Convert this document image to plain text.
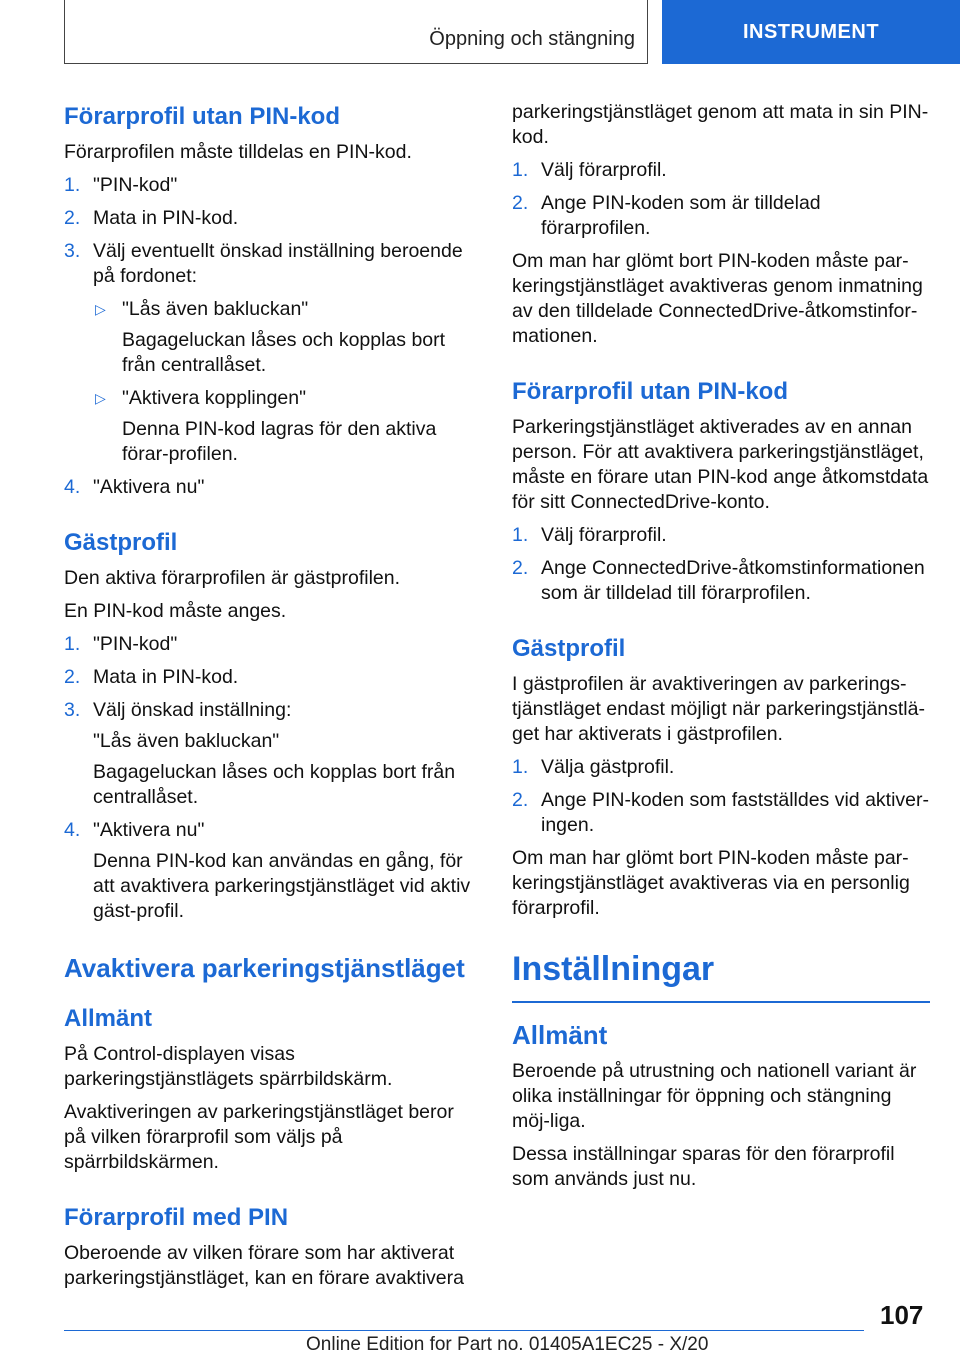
Öppning och stängning	INSTRUMENT
Förarprofil utan PIN-kod

Förarprofilen måste tilldelas en PIN-kod.

1. "PIN-kod"
2. Mata in PIN-kod.
3. Välj eventuellt önskad inställning beroende på fordonet:
▷ "Lås även bakluckan"
Bagageluckan låses och kopplas bort från centrallåset.
▷ "Aktivera kopplingen"
Denna PIN-kod lagras för den aktiva förar-profilen.
4. "Aktivera nu"
Gästprofil

Den aktiva förarprofilen är gästprofilen.

En PIN-kod måste anges.

1. "PIN-kod"
2. Mata in PIN-kod.
3. Välj önskad inställning:
"Lås även bakluckan"
Bagageluckan låses och kopplas bort från centrallåset.
4. "Aktivera nu"
Denna PIN-kod kan användas en gång, för att avaktivera parkeringstjänstläget vid aktiv gäst-profil.
Avaktivera parkeringstjänstläget
Allmänt

På Control-displayen visas parkeringstjänstlägets spärrbildskärm.

Avaktiveringen av parkeringstjänstläget beror på vilken förarprofil som väljs på spärrbildskärmen.

Förarprofil med PIN

Oberoende av vilken förare som har aktiverat parkeringstjänstläget, kan en förare avaktivera

parkeringstjänstläget genom att mata in sin PIN-kod.

1. Välj förarprofil.
2. Ange PIN-koden som är tilldelad förarprofilen.

Om man har glömt bort PIN-koden måste par-keringstjänstläget avaktiveras genom inmatning av den tilldelade ConnectedDrive-åtkomstinfor-mationen.

Förarprofil utan PIN-kod

Parkeringstjänstläget aktiverades av en annan person. För att avaktivera parkeringstjänstläget, måste en förare utan PIN-kod ange åtkomstdata för sitt ConnectedDrive-konto.

1. Välj förarprofil.
2. Ange ConnectedDrive-åtkomstinformationen som är tilldelad till förarprofilen.
Gästprofil

I gästprofilen är avaktiveringen av parkerings-tjänstläget endast möjligt när parkeringstjänstlä-get har aktiverats i gästprofilen.

1. Välja gästprofil.
2. Ange PIN-koden som fastställdes vid aktiver-ingen.

Om man har glömt bort PIN-koden måste par-keringstjänstläget avaktiveras via en personlig förarprofil.

Inställningar
Allmänt

Beroende på utrustning och nationell variant är olika inställningar för öppning och stängning möj-liga.

Dessa inställningar sparas för den förarprofil som används just nu.

107
Online Edition for Part no. 01405A1EC25 - X/20
